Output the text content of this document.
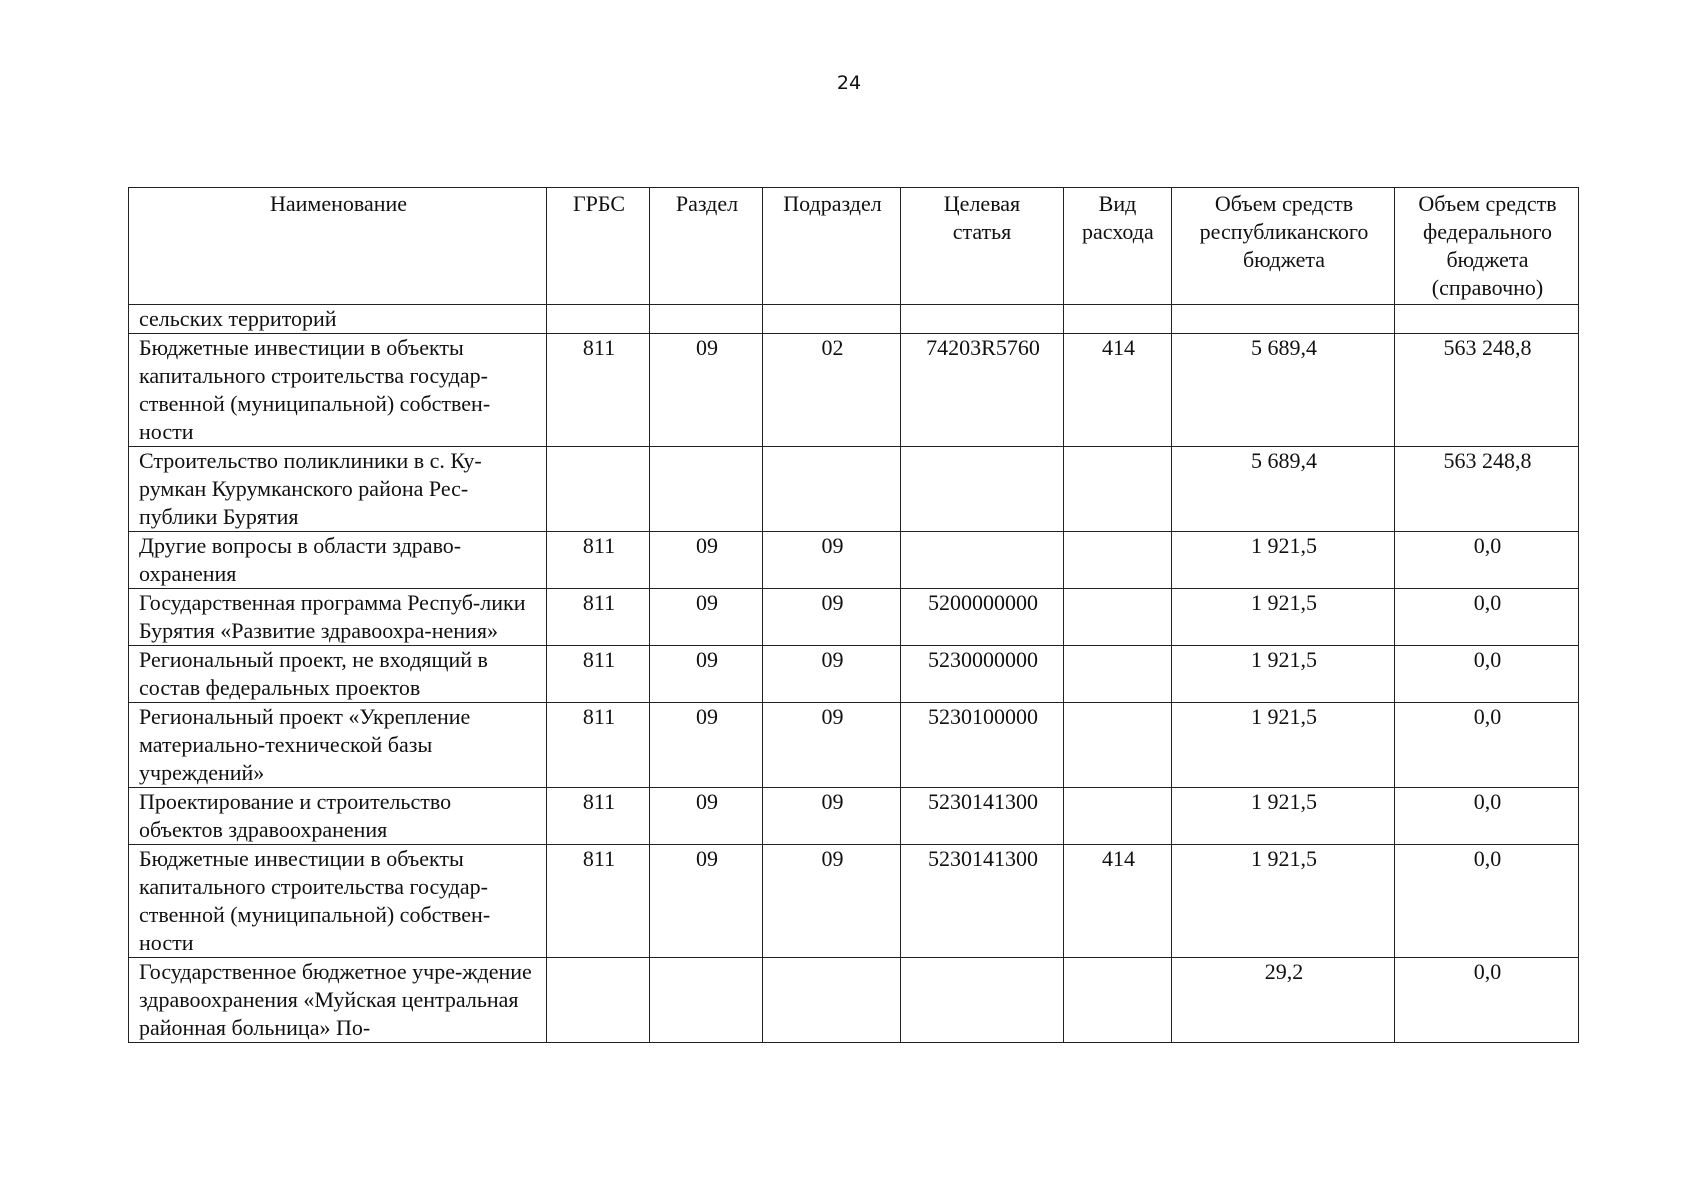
24
Наименование	ГРБС	Раздел	Подраздел	Целевая статья	Вид расхода	Объем средств республиканского бюджета	Объем средств федерального бюджета (справочно)
сельских территорий							
Бюджетные инвестиции в объекты капитального строительства государ-ственной (муниципальной) собствен-ности	811	09	02	74203R5760	414	5 689,4	563 248,8
Строительство поликлиники в с. Ку-румкан Курумканского района Рес-публики Бурятия						5 689,4	563 248,8
Другие вопросы в области здраво-охранения	811	09	09			1 921,5	0,0
Государственная программа Респуб-лики Бурятия «Развитие здравоохра-нения»	811	09	09	5200000000		1 921,5	0,0
Региональный проект, не входящий в состав федеральных проектов	811	09	09	5230000000		1 921,5	0,0
Региональный проект «Укрепление материально-технической базы учреждений»	811	09	09	5230100000		1 921,5	0,0
Проектирование и строительство объектов здравоохранения	811	09	09	5230141300		1 921,5	0,0
Бюджетные инвестиции в объекты капитального строительства государ-ственной (муниципальной) собствен-ности	811	09	09	5230141300	414	1 921,5	0,0
Государственное бюджетное учре-ждение здравоохранения «Муйская центральная районная больница» По-						29,2	0,0
